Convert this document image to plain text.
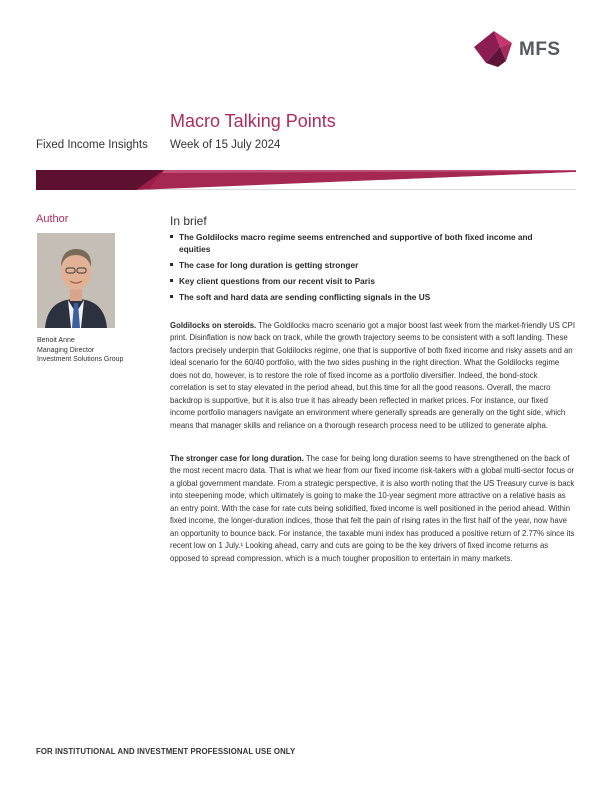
MFS
Macro Talking Points
Fixed Income Insights Week of 15 July 2024
Author
Benoit Anne
Managing Director
Investment Solutions Group
In brief
The Goldilocks macro regime seems entrenched and supportive of both fixed income and equities
The case for long duration is getting stronger
Key client questions from our recent visit to Paris
The soft and hard data are sending conflicting signals in the US

Goldilocks on steroids. The Goldilocks macro scenario got a major boost last week from the market-friendly US CPI print. Disinflation is now back on track, while the growth trajectory seems to be consistent with a soft landing. These factors precisely underpin that Goldilocks regime, one that is supportive of both fixed income and risky assets and an ideal scenario for the 60/40 portfolio, with the two sides pushing in the right direction. What the Goldilocks regime does not do, however, is to restore the role of fixed income as a portfolio diversifier. Indeed, the bond-stock correlation is set to stay elevated in the period ahead, but this time for all the good reasons. Overall, the macro backdrop is supportive, but it is also true it has already been reflected in market prices. For instance, our fixed income portfolio managers navigate an environment where generally spreads are generally on the tight side, which means that manager skills and reliance on a thorough research process need to be utilized to generate alpha.

The stronger case for long duration. The case for being long duration seems to have strengthened on the back of the most recent macro data. That is what we hear from our fixed income risk-takers with a global multi-sector focus or a global government mandate. From a strategic perspective, it is also worth noting that the US Treasury curve is back into steepening mode, which ultimately is going to make the 10-year segment more attractive on a relative basis as an entry point. With the case for rate cuts being solidified, fixed income is well positioned in the period ahead. Within fixed income, the longer-duration indices, those that felt the pain of rising rates in the first half of the year, now have an opportunity to bounce back. For instance, the taxable muni index has produced a positive return of 2.77% since its recent low on 1 July.¹ Looking ahead, carry and cuts are going to be the key drivers of fixed income returns as opposed to spread compression, which is a much tougher proposition to entertain in many markets.

FOR INSTITUTIONAL AND INVESTMENT PROFESSIONAL USE ONLY
